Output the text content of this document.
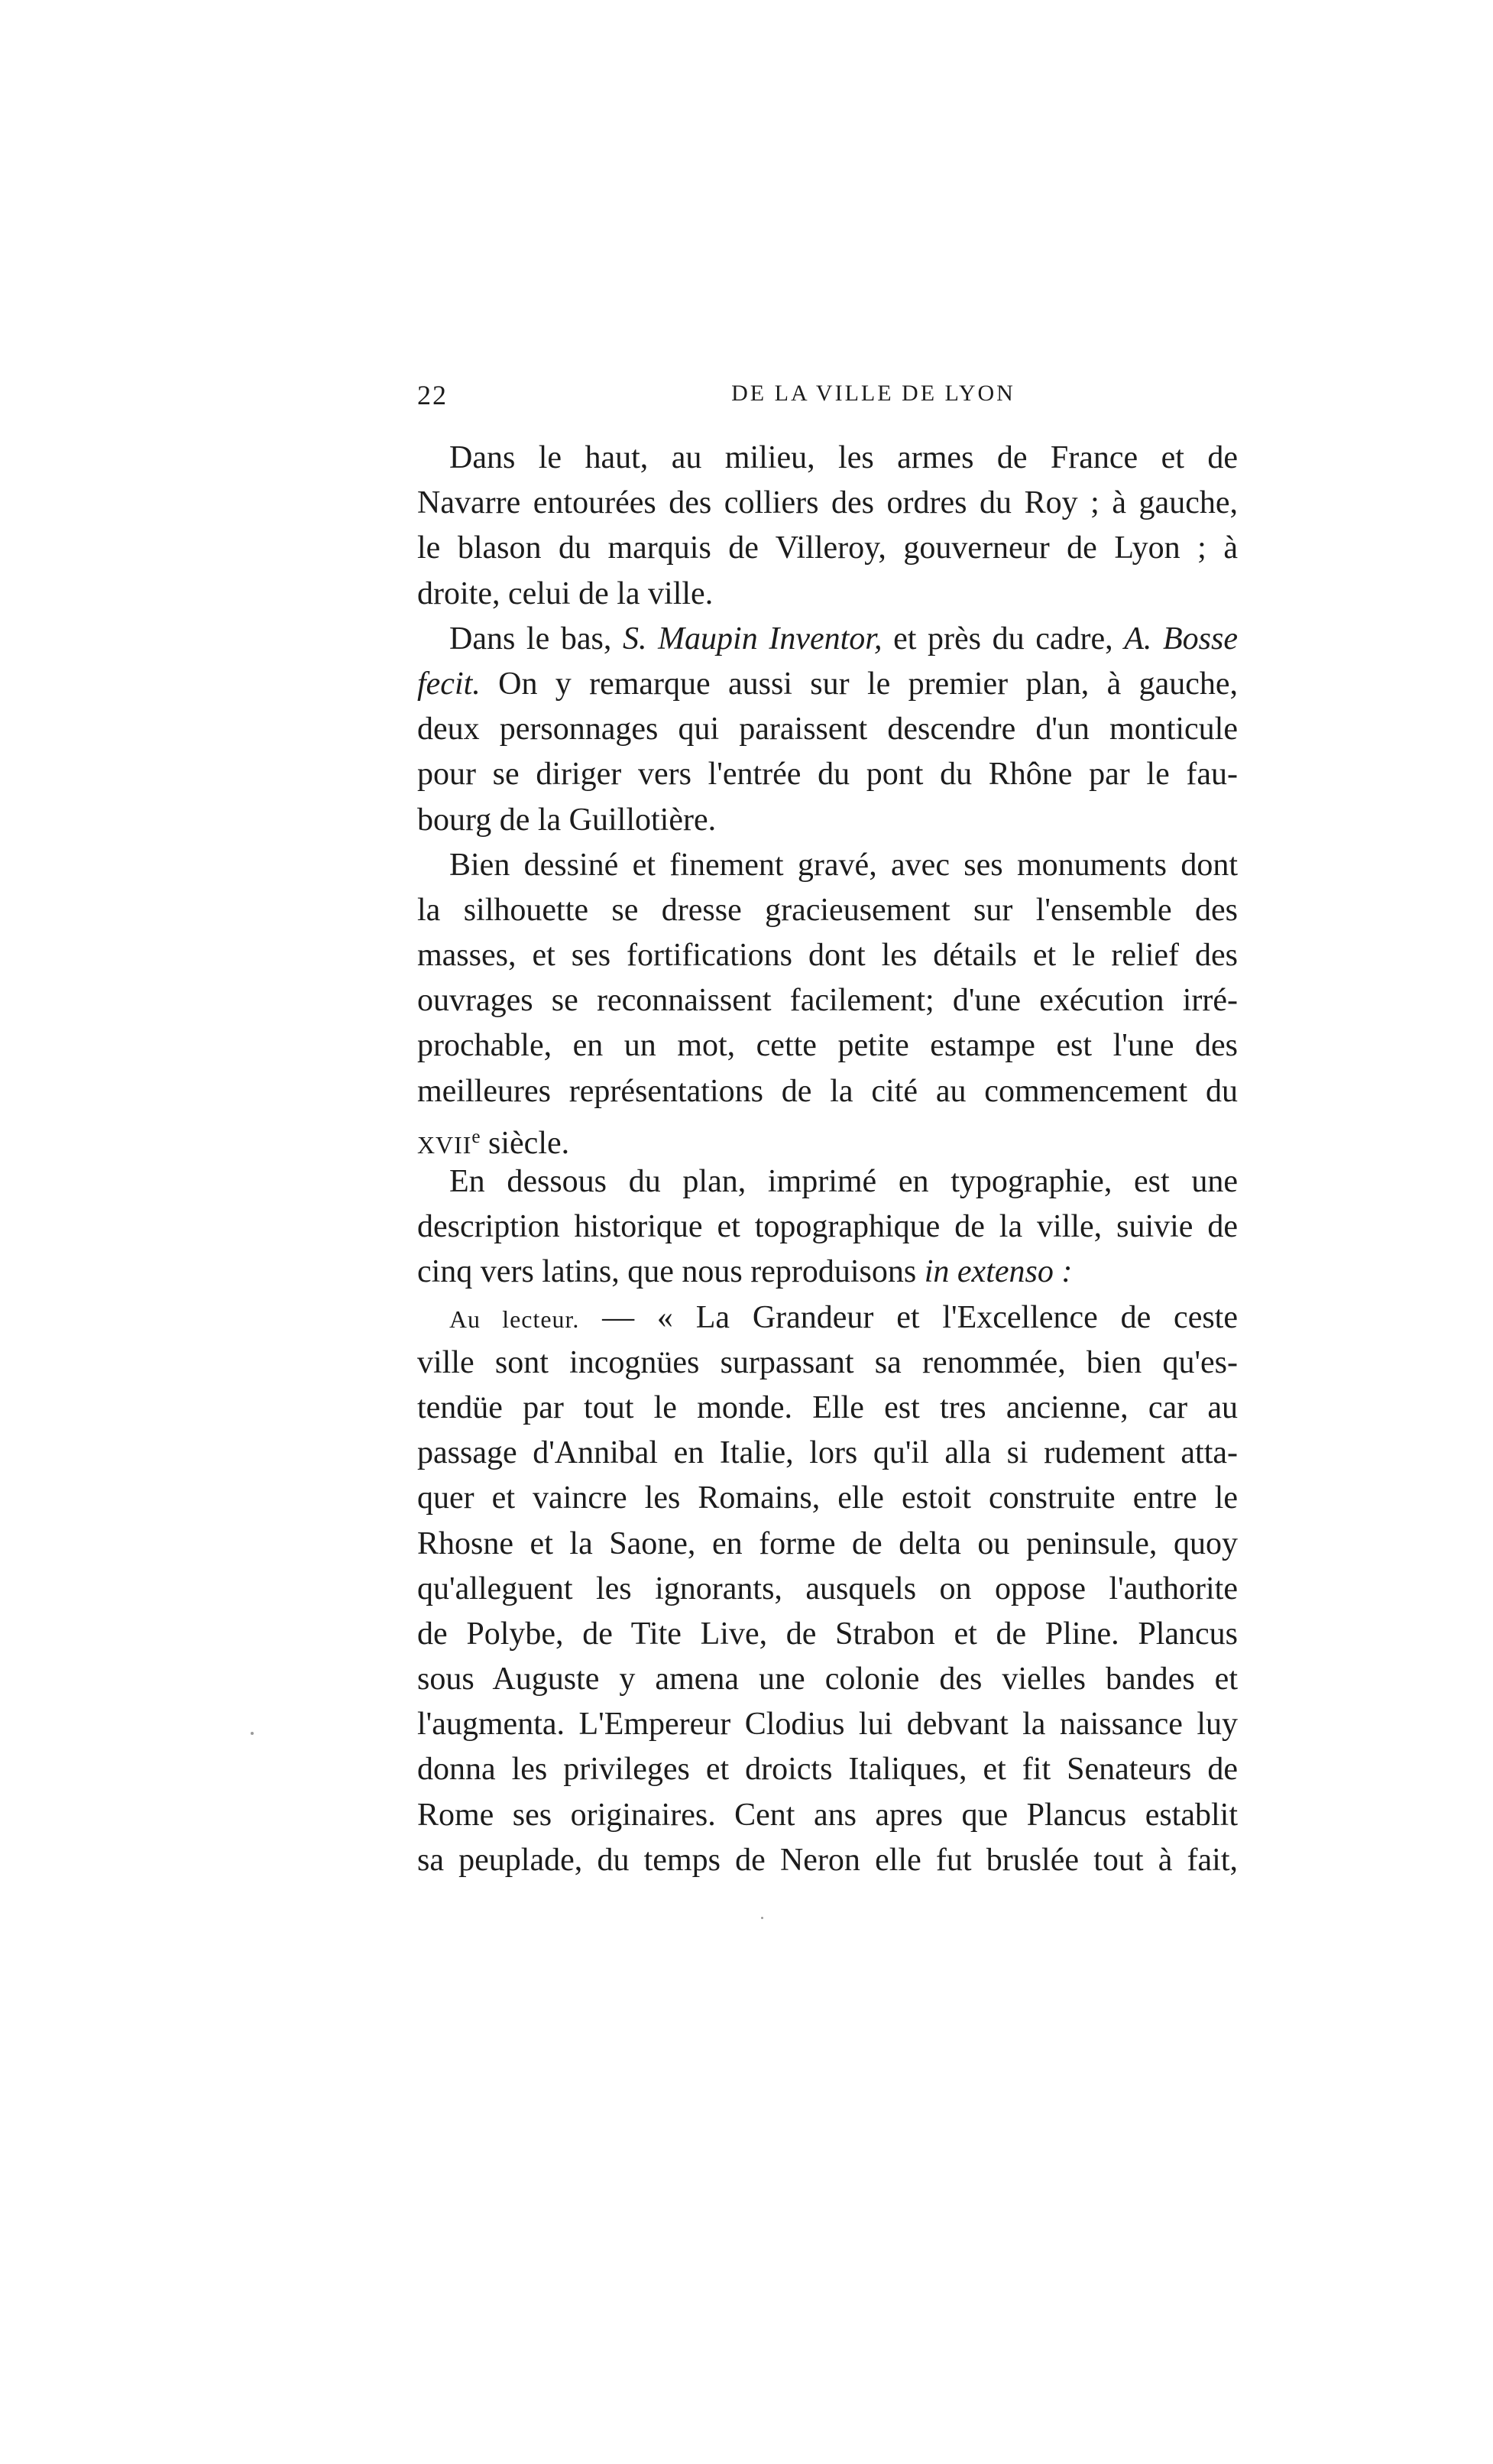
22	DE LA VILLE DE LYON
Dans le haut, au milieu, les armes de France et de
Navarre entourées des colliers des ordres du Roy ; à gauche,
le blason du marquis de Villeroy, gouverneur de Lyon ; à
droite, celui de la ville.
Dans le bas, S. Maupin Inventor, et près du cadre, A. Bosse
fecit. On y remarque aussi sur le premier plan, à gauche,
deux personnages qui paraissent descendre d'un monticule
pour se diriger vers l'entrée du pont du Rhône par le fau-
bourg de la Guillotière.
Bien dessiné et finement gravé, avec ses monuments dont
la silhouette se dresse gracieusement sur l'ensemble des
masses, et ses fortifications dont les détails et le relief des
ouvrages se reconnaissent facilement; d'une exécution irré-
prochable, en un mot, cette petite estampe est l'une des
meilleures représentations de la cité au commencement du
XVIIe siècle.
En dessous du plan, imprimé en typographie, est une
description historique et topographique de la ville, suivie de
cinq vers latins, que nous reproduisons in extenso :
Au lecteur. — « La Grandeur et l'Excellence de ceste
ville sont incognües surpassant sa renommée, bien qu'es-
tendüe par tout le monde. Elle est tres ancienne, car au
passage d'Annibal en Italie, lors qu'il alla si rudement atta-
quer et vaincre les Romains, elle estoit construite entre le
Rhosne et la Saone, en forme de delta ou peninsule, quoy
qu'alleguent les ignorants, ausquels on oppose l'authorite
de Polybe, de Tite Live, de Strabon et de Pline. Plancus
sous Auguste y amena une colonie des vielles bandes et
l'augmenta. L'Empereur Clodius lui debvant la naissance luy
donna les privileges et droicts Italiques, et fit Senateurs de
Rome ses originaires. Cent ans apres que Plancus establit
sa peuplade, du temps de Neron elle fut bruslée tout à fait,
